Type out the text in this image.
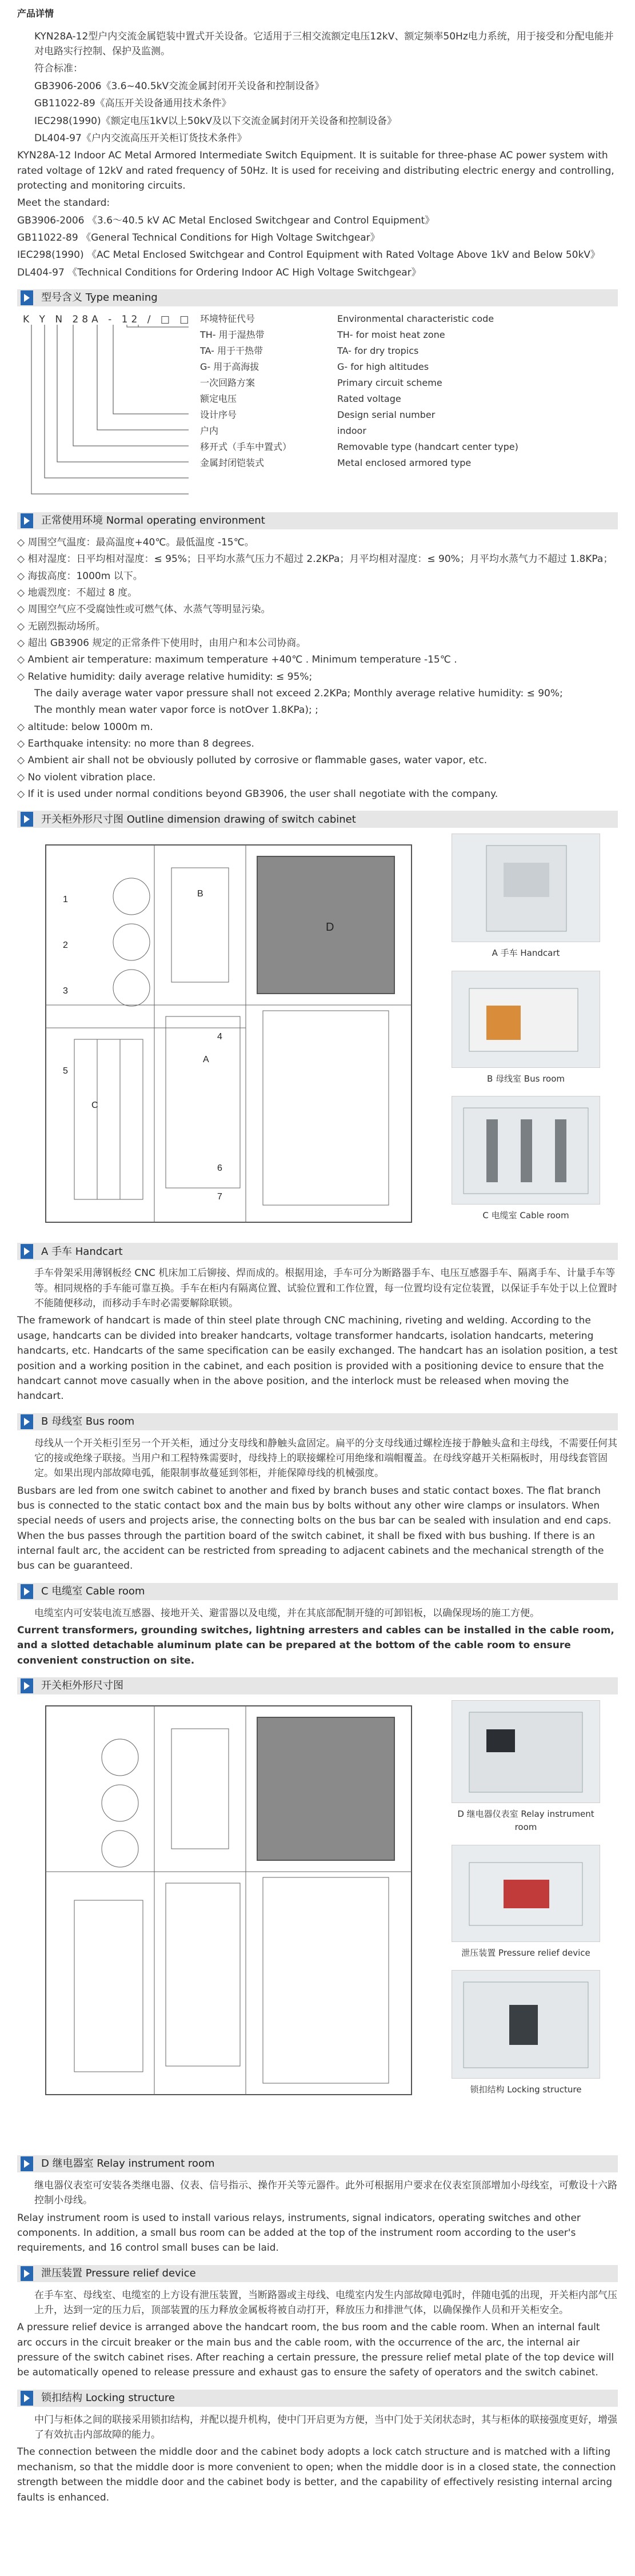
产品详情

KYN28A-12型户内交流金属铠装中置式开关设备。它适用于三相交流额定电压12kV、额定频率50Hz电力系统，用于接受和分配电能并对电路实行控制、保护及监测。

符合标准：

GB3906-2006《3.6~40.5kV交流金属封闭开关设备和控制设备》

GB11022-89《高压开关设备通用技术条件》

IEC298(1990)《额定电压1kV以上50kV及以下交流金属封闭开关设备和控制设备》

DL404-97《户内交流高压开关柜订货技术条件》

KYN28A-12 Indoor AC Metal Armored Intermediate Switch Equipment. It is suitable for three-phase AC power system with rated voltage of 12kV and rated frequency of 50Hz. It is used for receiving and distributing electric energy and controlling, protecting and monitoring circuits.

Meet the standard:

GB3906-2006 《3.6～40.5 kV AC Metal Enclosed Switchgear and Control Equipment》

GB11022-89 《General Technical Conditions for High Voltage Switchgear》

IEC298(1990) 《AC Metal Enclosed Switchgear and Control Equipment with Rated Voltage Above 1kV and Below 50kV》

DL404-97 《Technical Conditions for Ordering Indoor AC High Voltage Switchgear》

型号含义 Type meaning
K Y N 28A - 12 / □ □ 环境特征代号	Environmental characteristic code
TH- 用于湿热带	TH- for moist heat zone
TA- 用于干热带	TA- for dry tropics
G- 用于高海拔	G- for high altitudes
一次回路方案	Primary circuit scheme
额定电压	Rated voltage
设计序号	Design serial number
户内	indoor
移开式（手车中置式）	Removable type (handcart center type)
金属封闭铠装式	Metal enclosed armored type
正常使用环境 Normal operating environment

◇ 周围空气温度：最高温度+40℃。最低温度 -15℃。

◇ 相对湿度：日平均相对湿度：≤ 95%；日平均水蒸气压力不超过 2.2KPa；月平均相对湿度：≤ 90%；月平均水蒸气力不超过 1.8KPa；

◇ 海拔高度：1000m 以下。

◇ 地震烈度：不超过 8 度。

◇ 周围空气应不受腐蚀性或可燃气体、水蒸气等明显污染。

◇ 无剧烈振动场所。

◇ 超出 GB3906 规定的正常条件下使用时，由用户和本公司协商。

◇ Ambient air temperature: maximum temperature +40℃ . Minimum temperature -15℃ .

◇ Relative humidity: daily average relative humidity: ≤ 95%;

The daily average water vapor pressure shall not exceed 2.2KPa; Monthly average relative humidity: ≤ 90%;

The monthly mean water vapor force is notOver 1.8KPa); ;

◇ altitude: below 1000m m.

◇ Earthquake intensity: no more than 8 degrees.

◇ Ambient air shall not be obviously polluted by corrosive or flammable gases, water vapor, etc.

◇ No violent vibration place.

◇ If it is used under normal conditions beyond GB3906, the user shall negotiate with the company.

开关柜外形尺寸图 Outline dimension drawing of switch cabinet
B
D
C
A
1
2
3
4
5
6
7
A 手车 Handcart
B 母线室 Bus room
C 电缆室 Cable room
A 手车 Handcart

手车骨架采用薄钢板经 CNC 机床加工后铆接、焊而成的。根据用途，手车可分为断路器手车、电压互感器手车、隔离手车、计量手车等等。相同规格的手车能可靠互换。手车在柜内有隔离位置、试验位置和工作位置，每一位置均设有定位装置，以保证手车处于以上位置时不能随便移动，而移动手车时必需要解除联锁。

The framework of handcart is made of thin steel plate through CNC machining, riveting and welding. According to the usage, handcarts can be divided into breaker handcarts, voltage transformer handcarts, isolation handcarts, metering handcarts, etc. Handcarts of the same specification can be easily exchanged. The handcart has an isolation position, a test position and a working position in the cabinet, and each position is provided with a positioning device to ensure that the handcart cannot move casually when in the above position, and the interlock must be released when moving the handcart.

B 母线室 Bus room

母线从一个开关柜引至另一个开关柜，通过分支母线和静触头盒固定。扁平的分支母线通过螺栓连接于静触头盒和主母线，不需要任何其它的接或绝缘子联接。当用户和工程特殊需要时，母线持上的联接螺栓可用绝缘和端帽覆盖。在母线穿越开关柜隔板时，用母线套管固定。如果出现内部故障电弧，能限制事故蔓延到邻柜，并能保障母线的机械强度。

Busbars are led from one switch cabinet to another and fixed by branch buses and static contact boxes. The flat branch bus is connected to the static contact box and the main bus by bolts without any other wire clamps or insulators. When special needs of users and projects arise, the connecting bolts on the bus bar can be sealed with insulation and end caps. When the bus passes through the partition board of the switch cabinet, it shall be fixed with bus bushing. If there is an internal fault arc, the accident can be restricted from spreading to adjacent cabinets and the mechanical strength of the bus can be guaranteed.

C 电缆室 Cable room

电缆室内可安装电流互感器、接地开关、避雷器以及电缆，并在其底部配制开缝的可卸铝板，以确保现场的施工方便。

Current transformers, grounding switches, lightning arresters and cables can be installed in the cable room, and a slotted detachable aluminum plate can be prepared at the bottom of the cable room to ensure convenient construction on site.

开关柜外形尺寸图
D 继电器仪表室 Relay instrument room
泄压装置 Pressure relief device
锁扣结构 Locking structure
D 继电器室 Relay instrument room

继电器仪表室可安装各类继电器、仪表、信号指示、操作开关等元器件。此外可根据用户要求在仪表室顶部增加小母线室，可敷设十六路控制小母线。

Relay instrument room is used to install various relays, instruments, signal indicators, operating switches and other components. In addition, a small bus room can be added at the top of the instrument room according to the user's requirements, and 16 control small buses can be laid.

泄压装置 Pressure relief device

在手车室、母线室、电缆室的上方设有泄压装置，当断路器或主母线、电缆室内发生内部故障电弧时，伴随电弧的出现，开关柜内部气压上升，达到一定的压力后，顶部装置的压力释放金属板将被自动打开，释放压力和排泄气体，以确保操作人员和开关柜安全。

A pressure relief device is arranged above the handcart room, the bus room and the cable room. When an internal fault arc occurs in the circuit breaker or the main bus and the cable room, with the occurrence of the arc, the internal air pressure of the switch cabinet rises. After reaching a certain pressure, the pressure relief metal plate of the top device will be automatically opened to release pressure and exhaust gas to ensure the safety of operators and the switch cabinet.

锁扣结构 Locking structure

中门与柜体之间的联接采用锁扣结构，并配以提升机构，使中门开启更为方便，当中门处于关闭状态时，其与柜体的联接强度更好，增强了有效抗击内部故障的能力。

The connection between the middle door and the cabinet body adopts a lock catch structure and is matched with a lifting mechanism, so that the middle door is more convenient to open; when the middle door is in a closed state, the connection strength between the middle door and the cabinet body is better, and the capability of effectively resisting internal arcing faults is enhanced.
